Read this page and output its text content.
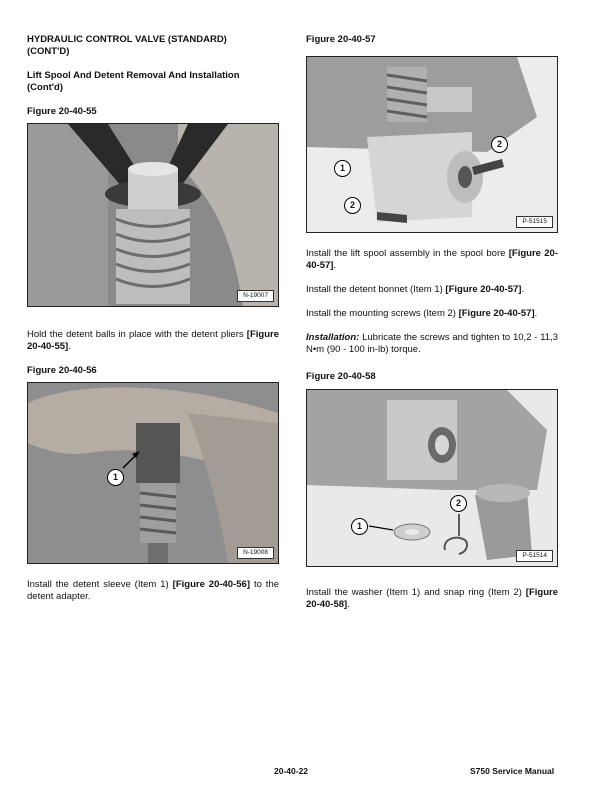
HYDRAULIC CONTROL VALVE (STANDARD)
(CONT'D)
Lift Spool And Detent Removal And Installation
(Cont'd)
Figure 20-40-55
N-19007

Hold the detent balls in place with the detent pliers [Figure 20-40-55].

Figure 20-40-56
1
N-19008

Install the detent sleeve (Item 1) [Figure 20-40-56] to the detent adapter.

Figure 20-40-57
1
2
2
P-51515

Install the lift spool assembly in the spool bore [Figure 20-40-57].

Install the detent bonnet (Item 1) [Figure 20-40-57].

Install the mounting screws (Item 2) [Figure 20-40-57].

Installation: Lubricate the screws and tighten to 10,2 - 11,3 N•m (90 - 100 in-lb) torque.

Figure 20-40-58
1
2
P-51514

Install the washer (Item 1) and snap ring (Item 2) [Figure 20-40-58].

20-40-22	S750 Service Manual
